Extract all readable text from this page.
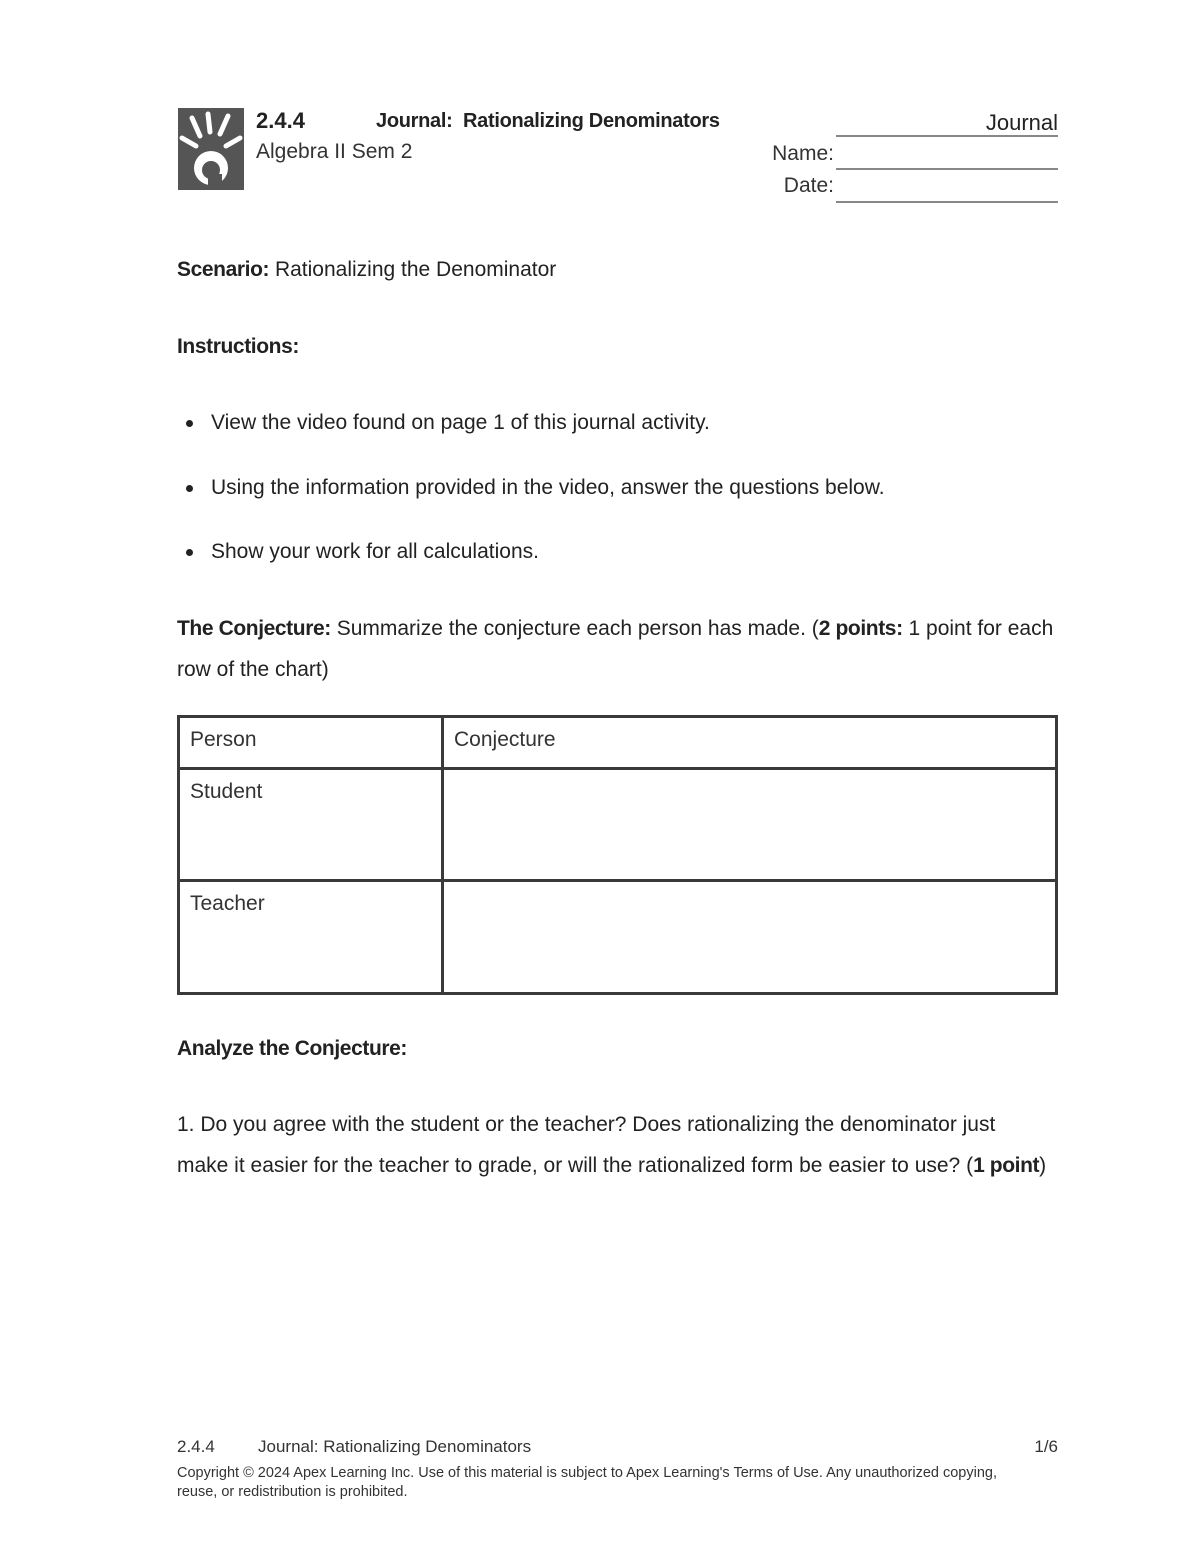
2.4.4	Journal:  Rationalizing Denominators	Journal
Algebra II Sem 2	Name:
Date:
Scenario: Rationalizing the Denominator
Instructions:
View the video found on page 1 of this journal activity.
Using the information provided in the video, answer the questions below.
Show your work for all calculations.
The Conjecture: Summarize the conjecture each person has made. (2 points: 1 point for each row of the chart)
Person	Conjecture
Student	
Teacher	
Analyze the Conjecture:
1. Do you agree with the student or the teacher? Does rationalizing the denominator just make it easier for the teacher to grade, or will the rationalized form be easier to use? (1 point)
2.4.4	Journal: Rationalizing Denominators	1/6
Copyright © 2024 Apex Learning Inc. Use of this material is subject to Apex Learning's Terms of Use. Any unauthorized copying, reuse, or redistribution is prohibited.
